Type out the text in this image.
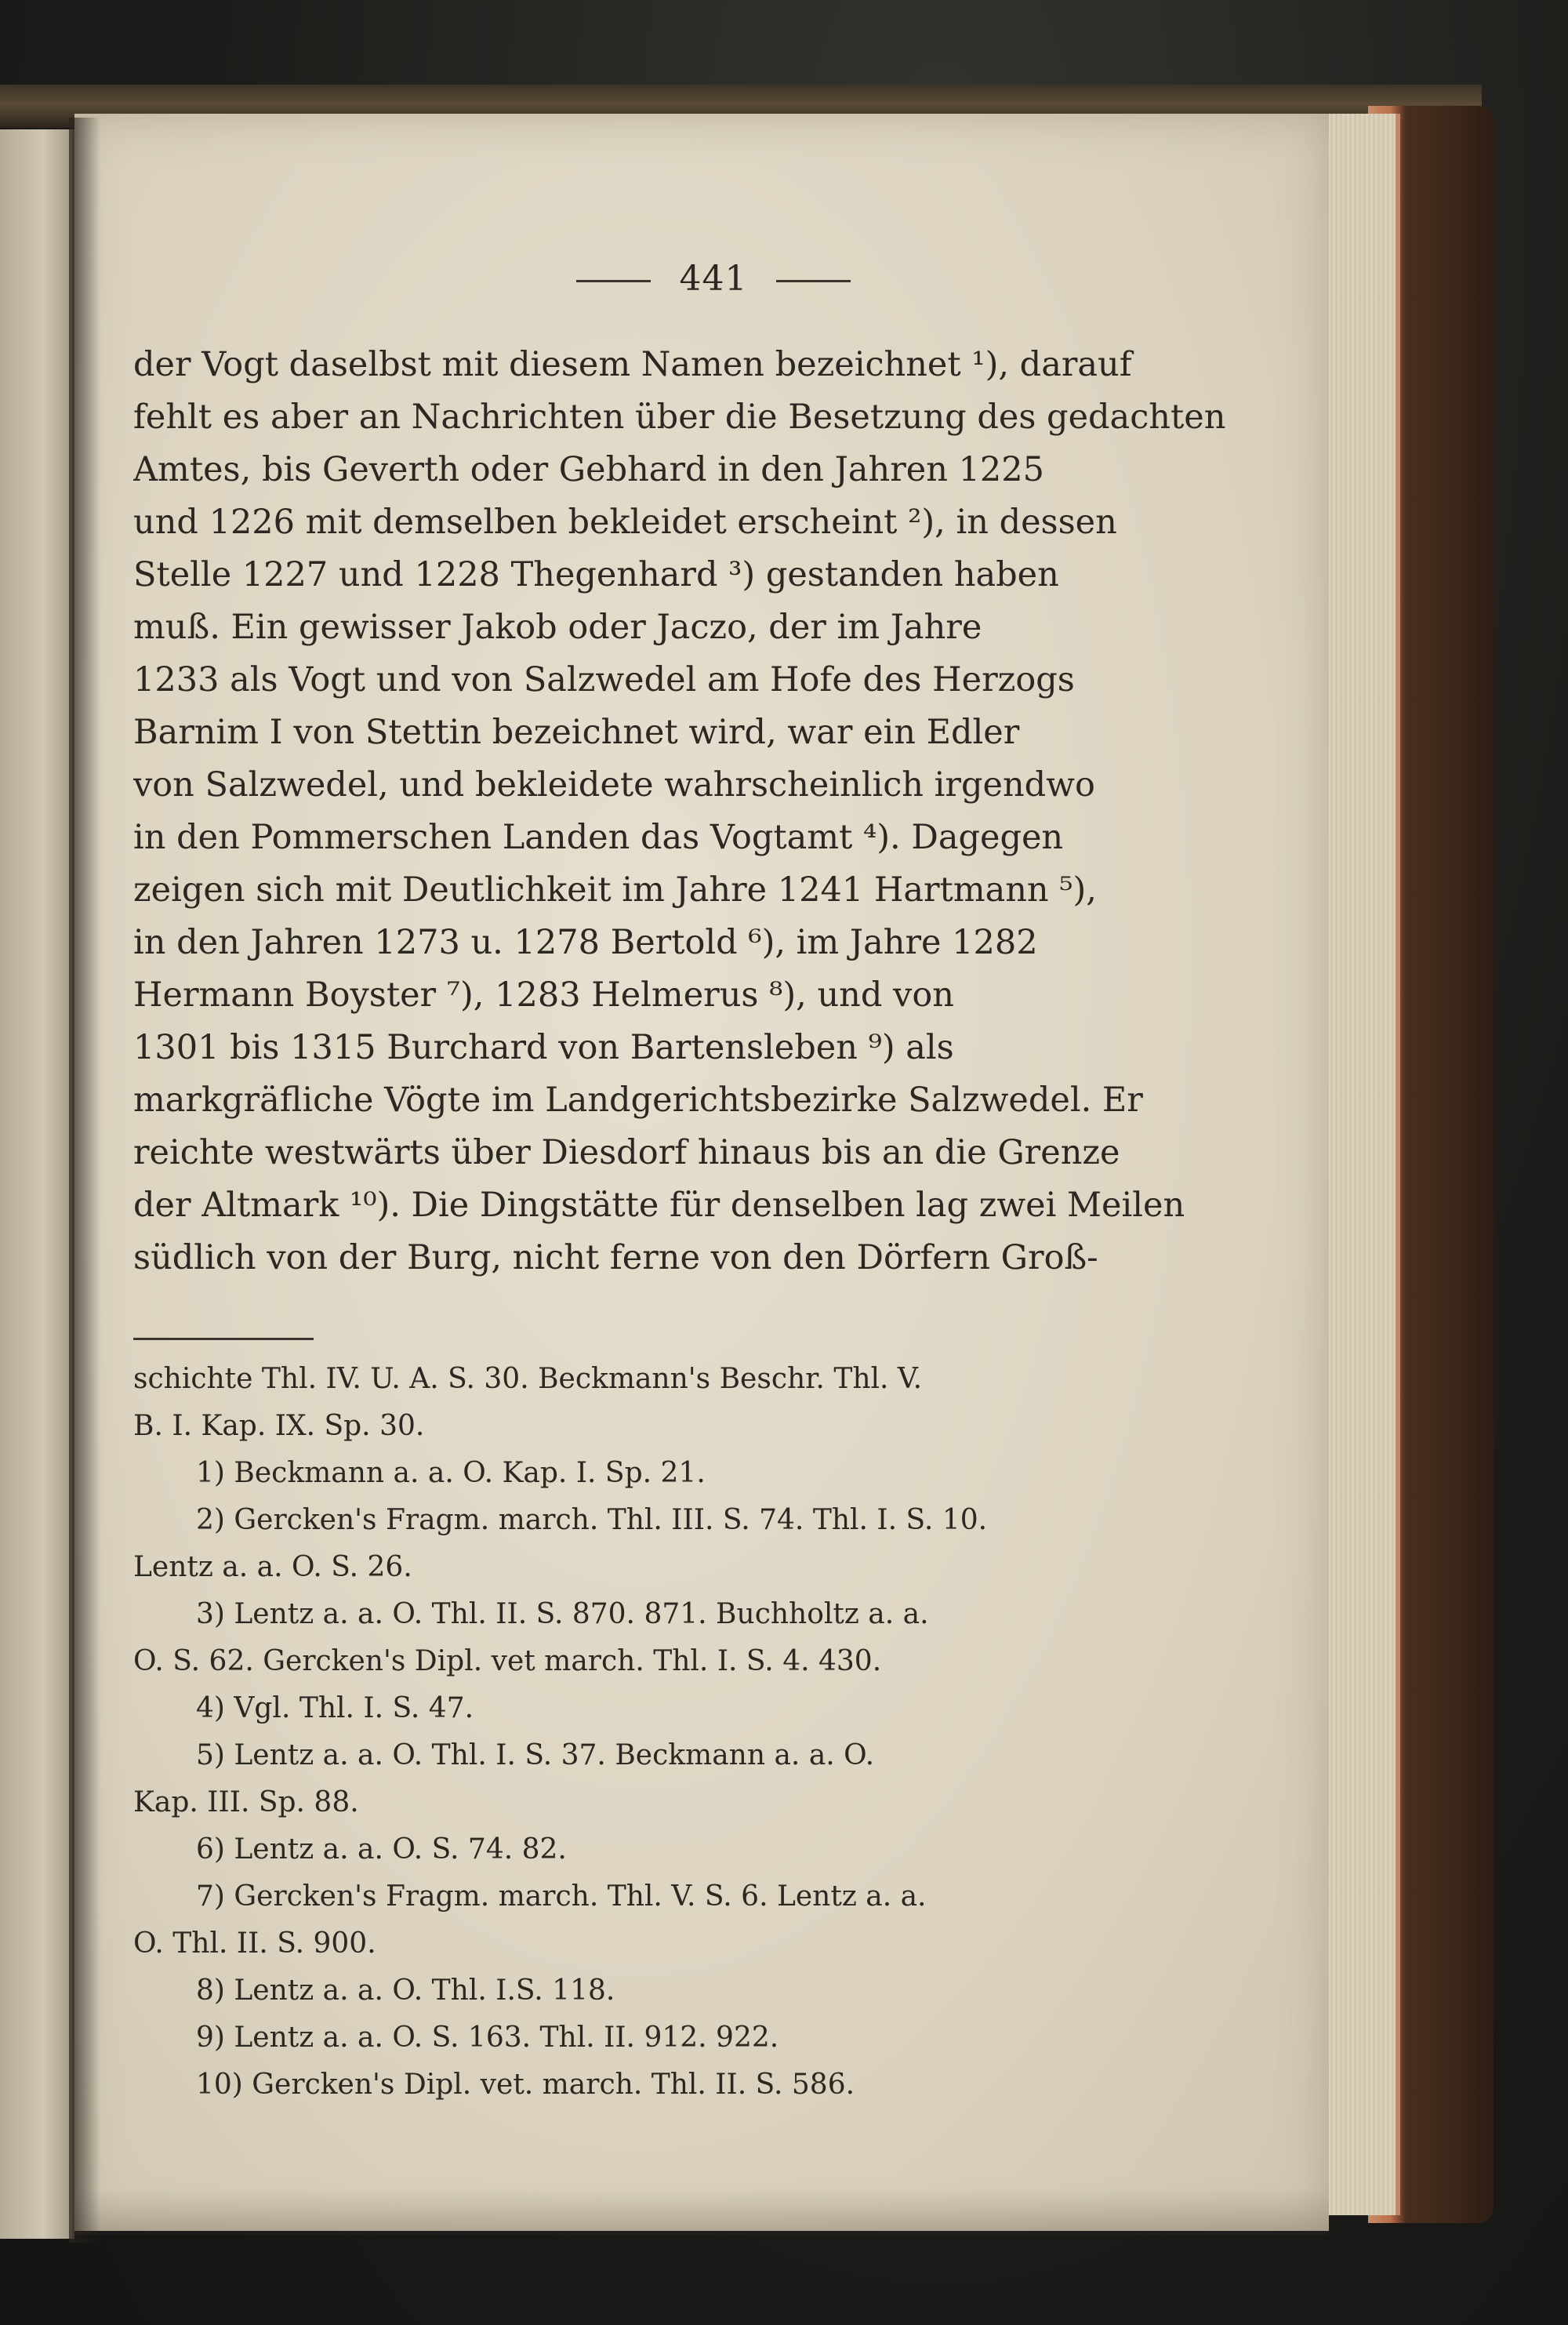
441
der Vogt daselbst mit diesem Namen bezeichnet ¹), darauf
fehlt es aber an Nachrichten über die Besetzung des gedachten
Amtes, bis Geverth oder Gebhard in den Jahren 1225
und 1226 mit demselben bekleidet erscheint ²), in dessen
Stelle 1227 und 1228 Thegenhard ³) gestanden haben
muß. Ein gewisser Jakob oder Jaczo, der im Jahre
1233 als Vogt und von Salzwedel am Hofe des Herzogs
Barnim I von Stettin bezeichnet wird, war ein Edler
von Salzwedel, und bekleidete wahrscheinlich irgendwo
in den Pommerschen Landen das Vogtamt ⁴). Dagegen
zeigen sich mit Deutlichkeit im Jahre 1241 Hartmann ⁵),
in den Jahren 1273 u. 1278 Bertold ⁶), im Jahre 1282
Hermann Boyster ⁷), 1283 Helmerus ⁸), und von
1301 bis 1315 Burchard von Bartensleben ⁹) als
markgräfliche Vögte im Landgerichtsbezirke Salzwedel. Er
reichte westwärts über Diesdorf hinaus bis an die Grenze
der Altmark ¹⁰). Die Dingstätte für denselben lag zwei Meilen
südlich von der Burg, nicht ferne von den Dörfern Groß-
schichte Thl. IV. U. A. S. 30. Beckmann's Beschr. Thl. V.
B. I. Kap. IX. Sp. 30.
1) Beckmann a. a. O. Kap. I. Sp. 21.
2) Gercken's Fragm. march. Thl. III. S. 74. Thl. I. S. 10.
Lentz a. a. O. S. 26.
3) Lentz a. a. O. Thl. II. S. 870. 871. Buchholtz a. a.
O. S. 62. Gercken's Dipl. vet march. Thl. I. S. 4. 430.
4) Vgl. Thl. I. S. 47.
5) Lentz a. a. O. Thl. I. S. 37. Beckmann a. a. O.
Kap. III. Sp. 88.
6) Lentz a. a. O. S. 74. 82.
7) Gercken's Fragm. march. Thl. V. S. 6. Lentz a. a.
O. Thl. II. S. 900.
8) Lentz a. a. O. Thl. I.S. 118.
9) Lentz a. a. O. S. 163. Thl. II. 912. 922.
10) Gercken's Dipl. vet. march. Thl. II. S. 586.
